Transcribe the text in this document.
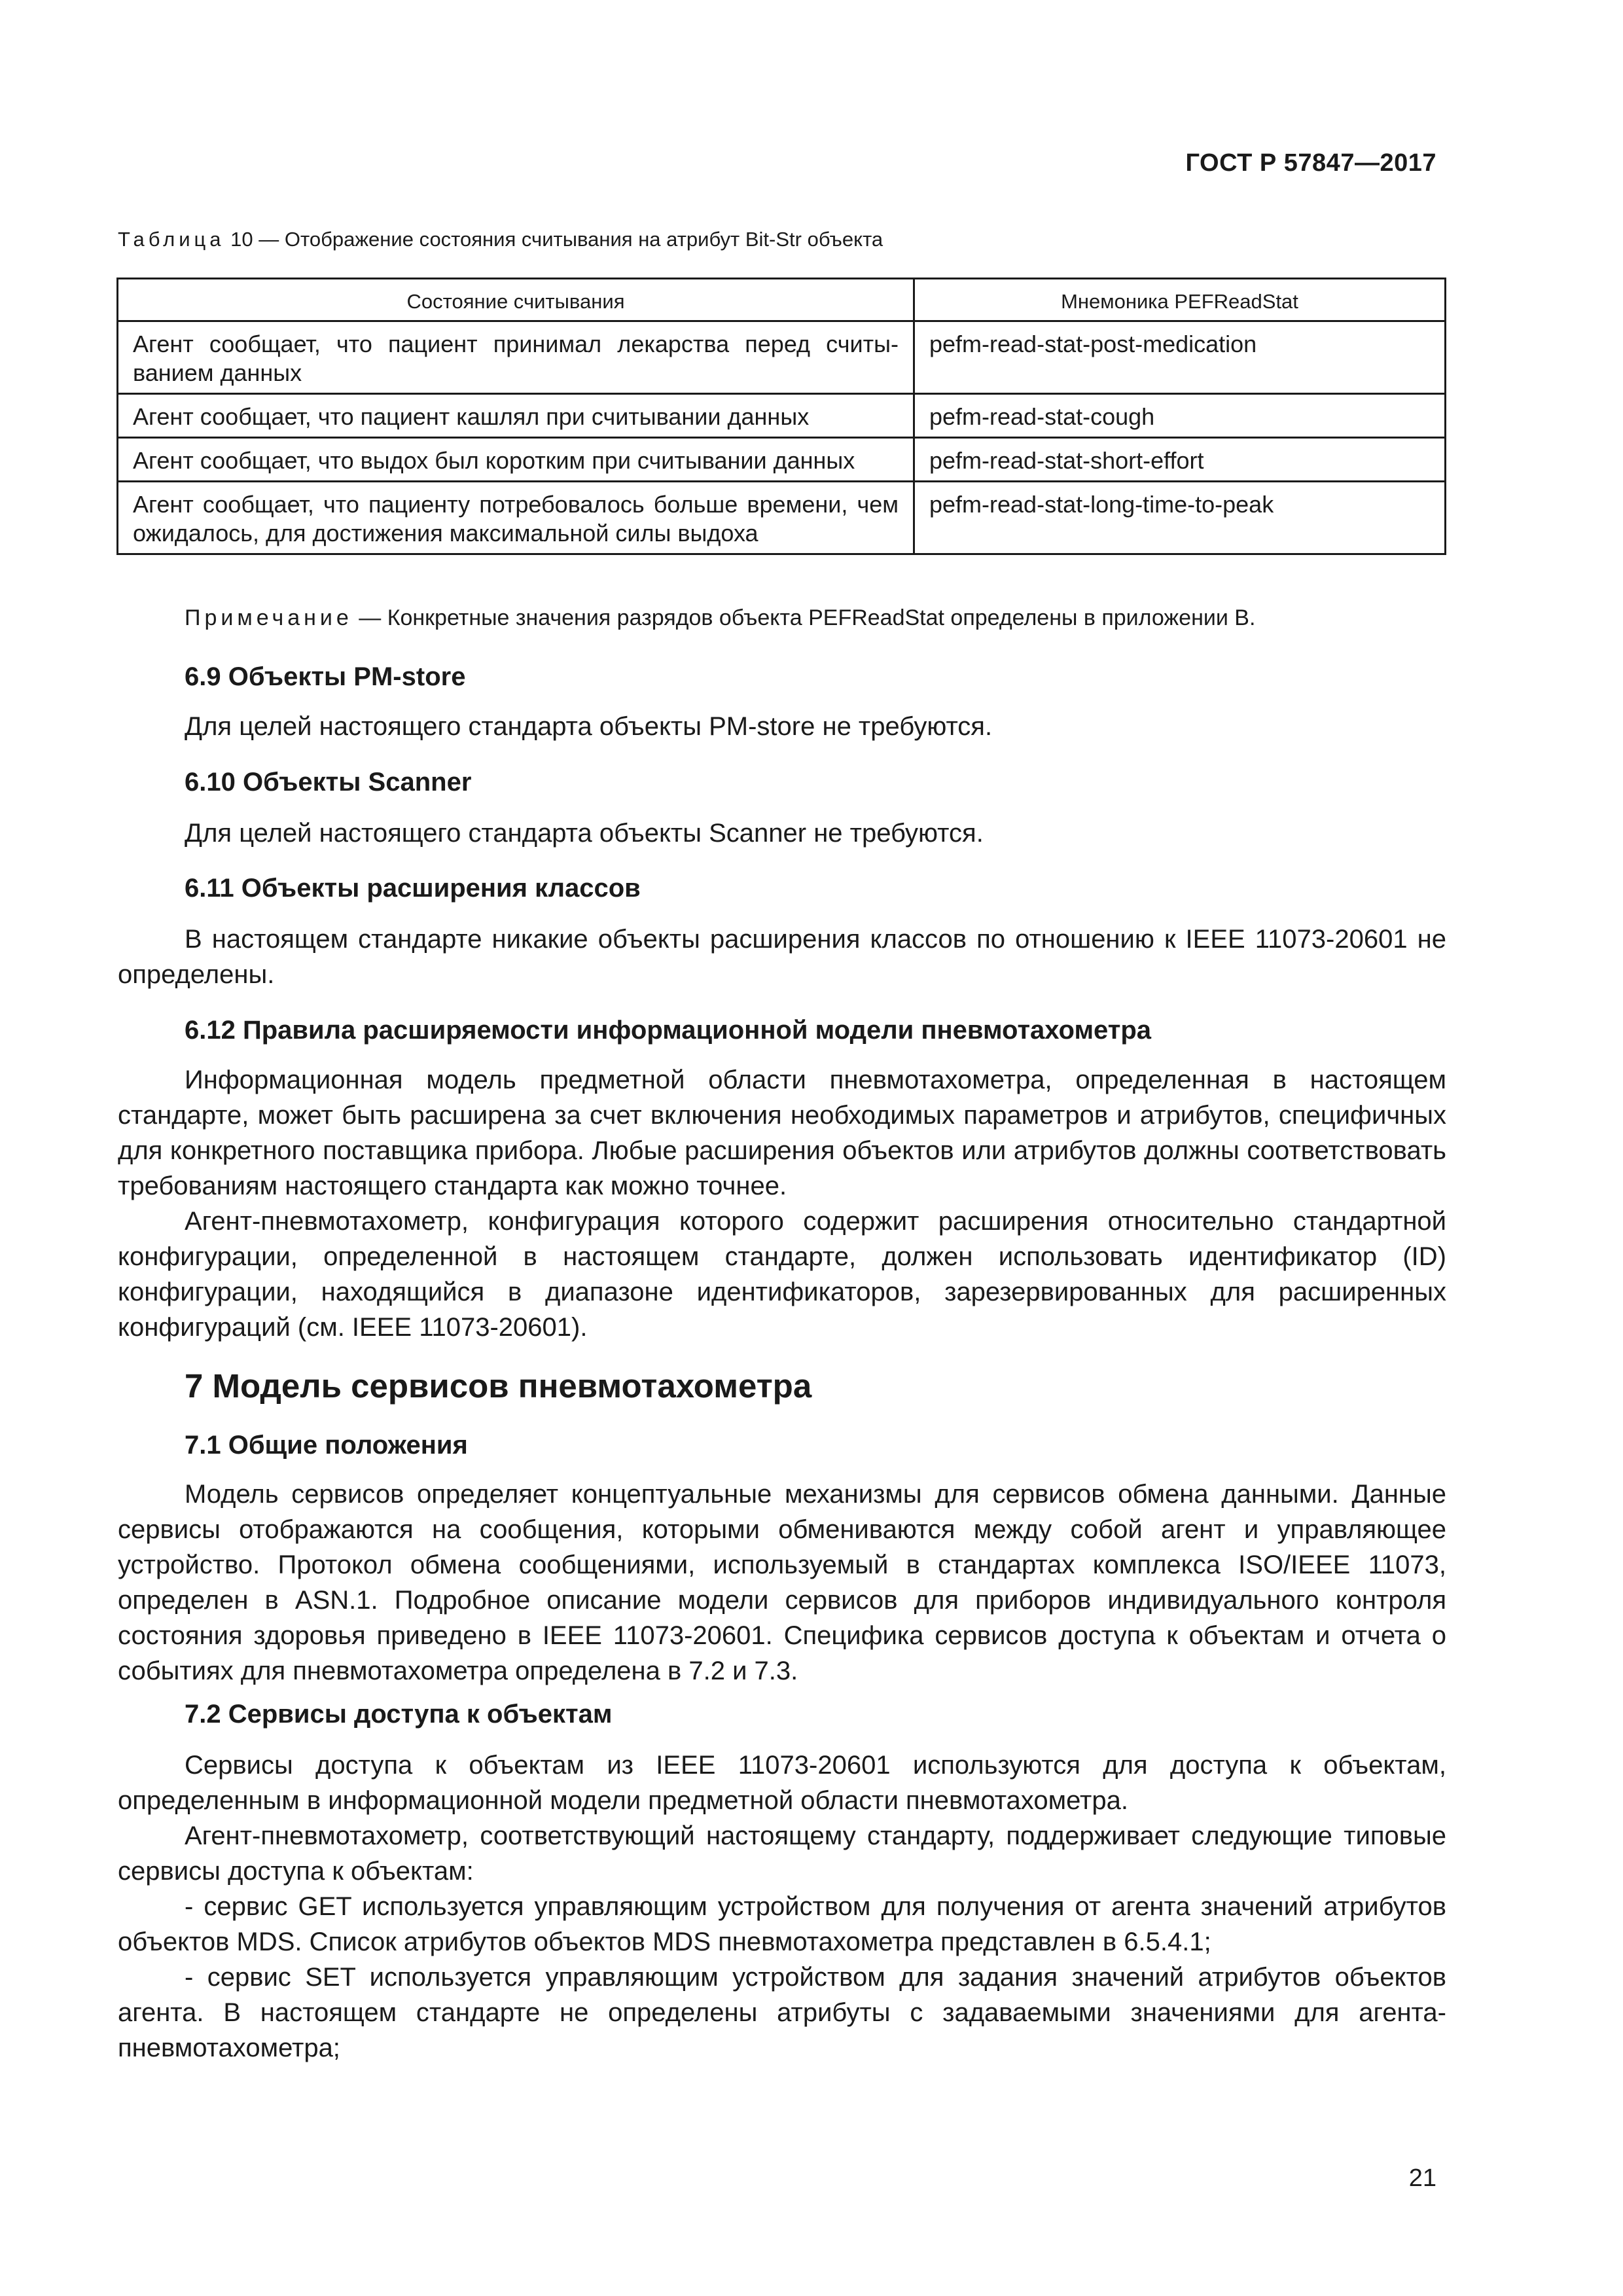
ГОСТ Р 57847—2017
Таблица 10 — Отображение состояния считывания на атрибут Bit-Str объекта
Состояние считывания	Мнемоника PEFReadStat
Агент сообщает, что пациент принимал лекарства перед считы-ванием данных	pefm-read-stat-post-medication
Агент сообщает, что пациент кашлял при считывании данных	pefm-read-stat-cough
Агент сообщает, что выдох был коротким при считывании данных	pefm-read-stat-short-effort
Агент сообщает, что пациенту потребовалось больше времени, чем ожидалось, для достижения максимальной силы выдоха	pefm-read-stat-long-time-to-peak
Примечание — Конкретные значения разрядов объекта PEFReadStat определены в приложении B.
6.9 Объекты PM-store
Для целей настоящего стандарта объекты PM-store не требуются.
6.10 Объекты Scanner
Для целей настоящего стандарта объекты Scanner не требуются.
6.11 Объекты расширения классов
В настоящем стандарте никакие объекты расширения классов по отношению к IEEE 11073-20601 не определены.
6.12 Правила расширяемости информационной модели пневмотахометра
Информационная модель предметной области пневмотахометра, определенная в настоящем стандарте, может быть расширена за счет включения необходимых параметров и атрибутов, специфичных для конкретного поставщика прибора. Любые расширения объектов или атрибутов должны соответствовать требованиям настоящего стандарта как можно точнее.
Агент-пневмотахометр, конфигурация которого содержит расширения относительно стандартной конфигурации, определенной в настоящем стандарте, должен использовать идентификатор (ID) конфигурации, находящийся в диапазоне идентификаторов, зарезервированных для расширенных конфигураций (см. IEEE 11073-20601).
7 Модель сервисов пневмотахометра
7.1 Общие положения
Модель сервисов определяет концептуальные механизмы для сервисов обмена данными. Данные сервисы отображаются на сообщения, которыми обмениваются между собой агент и управляющее устройство. Протокол обмена сообщениями, используемый в стандартах комплекса ISO/IEEE 11073, определен в ASN.1. Подробное описание модели сервисов для приборов индивидуального контроля состояния здоровья приведено в IEEE 11073-20601. Специфика сервисов доступа к объектам и отчета о событиях для пневмотахометра определена в 7.2 и 7.3.
7.2 Сервисы доступа к объектам
Сервисы доступа к объектам из IEEE 11073-20601 используются для доступа к объектам, определенным в информационной модели предметной области пневмотахометра.
Агент-пневмотахометр, соответствующий настоящему стандарту, поддерживает следующие типовые сервисы доступа к объектам:
- сервис GET используется управляющим устройством для получения от агента значений атрибутов объектов MDS. Список атрибутов объектов MDS пневмотахометра представлен в 6.5.4.1;
- сервис SET используется управляющим устройством для задания значений атрибутов объектов агента. В настоящем стандарте не определены атрибуты с задаваемыми значениями для агента-пневмотахометра;
21
